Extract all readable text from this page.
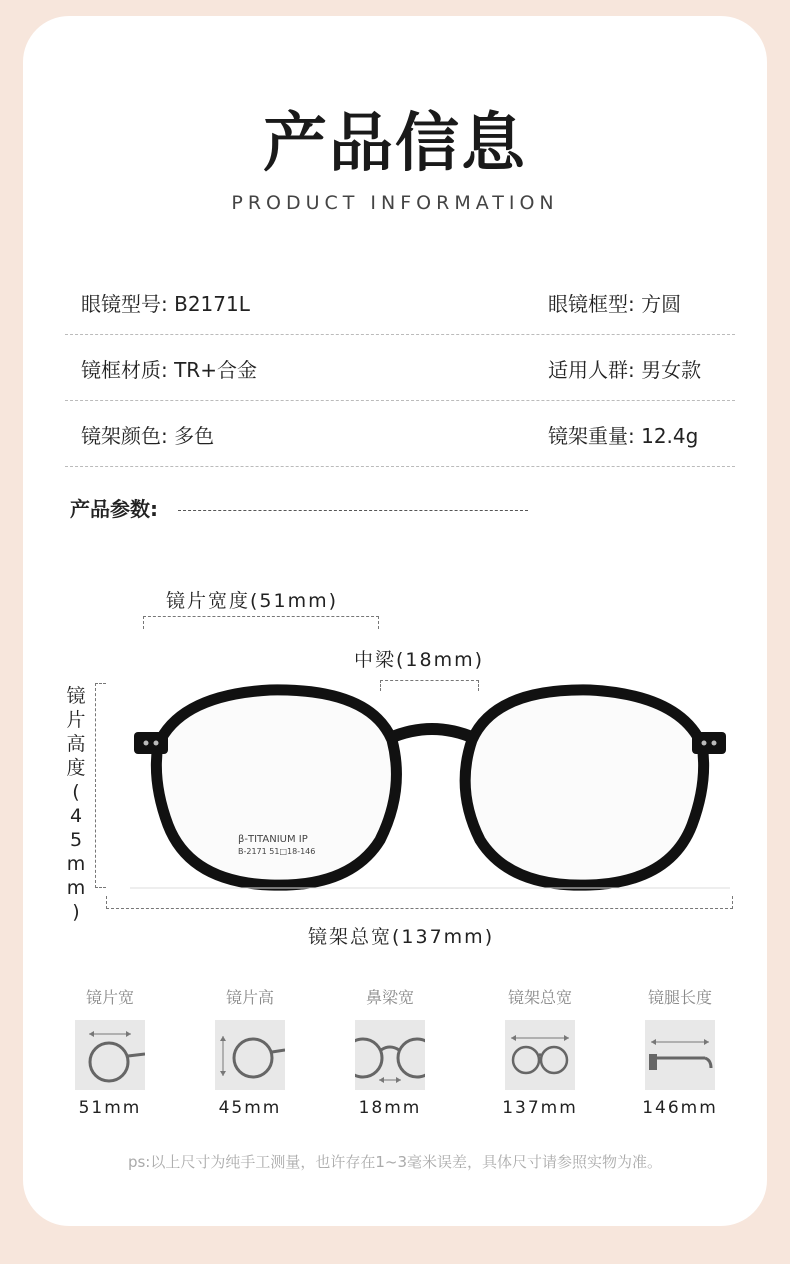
产品信息
PRODUCT INFORMATION
眼镜型号: B2171L	眼镜框型: 方圆
镜框材质: TR+合金	适用人群: 男女款
镜架颜色: 多色	镜架重量: 12.4g
产品参数:
镜片宽度(51mm)
中梁(18mm)
镜
片
高
度
(
4
5
m
m
)
β-TITANIUM IP
B-2171 51□18-146
镜架总宽(137mm)
镜片宽
51mm
镜片高
45mm
鼻梁宽
18mm
镜架总宽
137mm
镜腿长度
146mm
ps:以上尺寸为纯手工测量，也许存在1~3毫米误差，具体尺寸请参照实物为准。
